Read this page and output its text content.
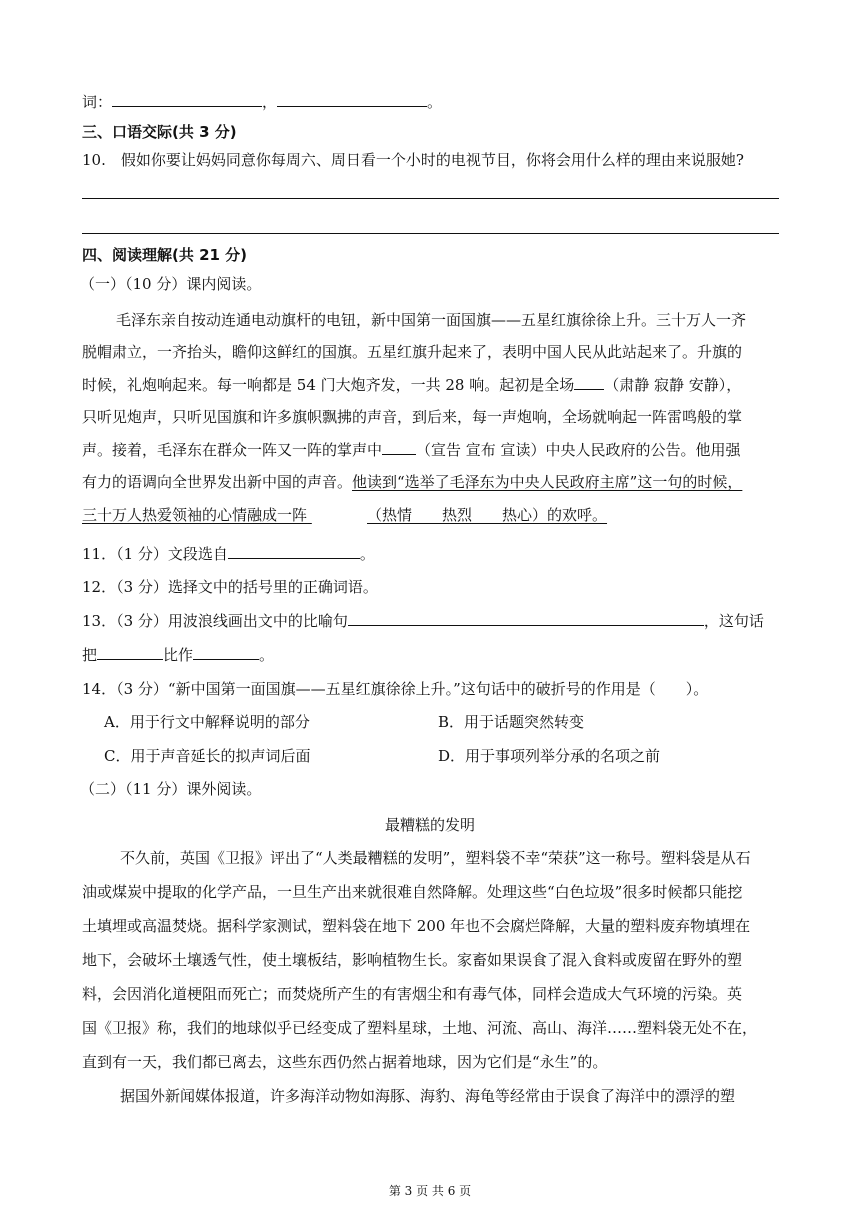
词：	，	。
三、口语交际(共 3 分)
10.　假如你要让妈妈同意你每周六、周日看一个小时的电视节目，你将会用什么样的理由来说服她?
四、阅读理解(共 21 分)
（一）（10 分）课内阅读。
毛泽东亲自按动连通电动旗杆的电钮，新中国第一面国旗——五星红旗徐徐上升。三十万人一齐
脱帽肃立，一齐抬头，瞻仰这鲜红的国旗。五星红旗升起来了，表明中国人民从此站起来了。升旗的
时候，礼炮响起来。每一响都是 54 门大炮齐发，一共 28 响。起初是全场 （肃静 寂静 安静），
只听见炮声，只听见国旗和许多旗帜飘拂的声音，到后来，每一声炮响，全场就响起一阵雷鸣般的掌
声。接着，毛泽东在群众一阵又一阵的掌声中 （宣告 宣布 宣读）中央人民政府的公告。他用强
有力的语调向全世界发出新中国的声音。他读到“选举了毛泽东为中央人民政府主席”这一句的时候，
三十万人热爱领袖的心情融成一阵	（热情　　热烈　　热心）的欢呼。
11．（1 分）文段选自	。
12．（3 分）选择文中的括号里的正确词语。
13．（3 分）用波浪线画出文中的比喻句	，这句话
把	比作	。
14．（3 分）“新中国第一面国旗——五星红旗徐徐上升。”这句话中的破折号的作用是（　　）。
A．用于行文中解释说明的部分	B．用于话题突然转变
C．用于声音延长的拟声词后面	D．用于事项列举分承的名项之前
（二）（11 分）课外阅读。
最糟糕的发明
不久前，英国《卫报》评出了“人类最糟糕的发明”，塑料袋不幸“荣获”这一称号。塑料袋是从石
油或煤炭中提取的化学产品，一旦生产出来就很难自然降解。处理这些“白色垃圾”很多时候都只能挖
土填埋或高温焚烧。据科学家测试，塑料袋在地下 200 年也不会腐烂降解，大量的塑料废弃物填埋在
地下，会破坏土壤透气性，使土壤板结，影响植物生长。家畜如果误食了混入食料或废留在野外的塑
料，会因消化道梗阻而死亡；而焚烧所产生的有害烟尘和有毒气体，同样会造成大气环境的污染。英
国《卫报》称，我们的地球似乎已经变成了塑料星球，土地、河流、高山、海洋……塑料袋无处不在，
直到有一天，我们都已离去，这些东西仍然占据着地球，因为它们是“永生”的。
据国外新闻媒体报道，许多海洋动物如海豚、海豹、海龟等经常由于误食了海洋中的漂浮的塑
第 3 页 共 6 页
